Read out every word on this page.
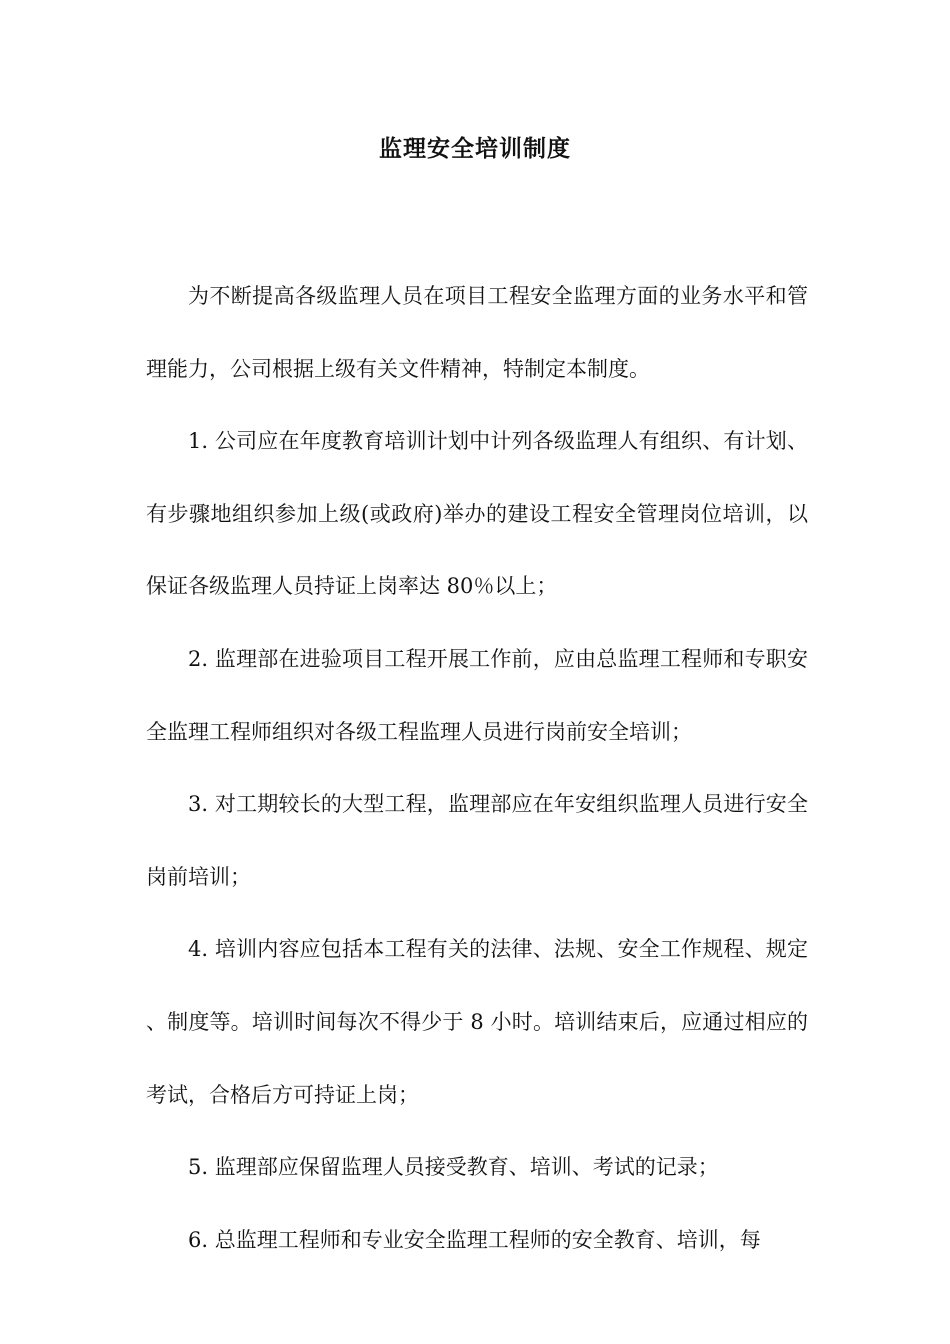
监理安全培训制度

为不断提高各级监理人员在项目工程安全监理方面的业务水平和管理能力，公司根据上级有关文件精神，特制定本制度。

1. 公司应在年度教育培训计划中计列各级监理人有组织、有计划、有步骤地组织参加上级(或政府)举办的建设工程安全管理岗位培训，以保证各级监理人员持证上岗率达 80％以上；

2. 监理部在进验项目工程开展工作前，应由总监理工程师和专职安全监理工程师组织对各级工程监理人员进行岗前安全培训；

3. 对工期较长的大型工程，监理部应在年安组织监理人员进行安全岗前培训；

4. 培训内容应包括本工程有关的法律、法规、安全工作规程、规定、制度等。培训时间每次不得少于 8 小时。培训结束后，应通过相应的考试，合格后方可持证上岗；

5. 监理部应保留监理人员接受教育、培训、考试的记录；

6. 总监理工程师和专业安全监理工程师的安全教育、培训，每
